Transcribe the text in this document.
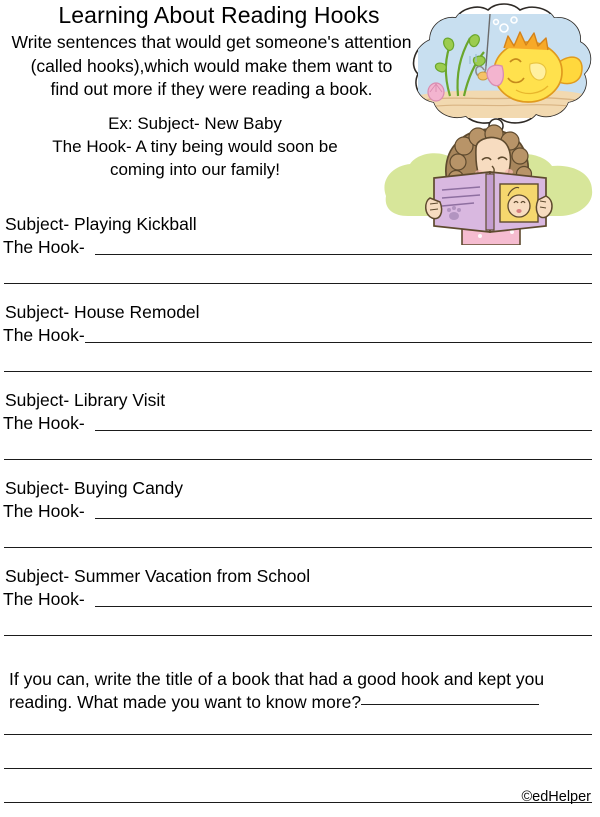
Learning About Reading Hooks
Write sentences that would get someone's attention
(called hooks),which would make them want to
find out more if they were reading a book.
Ex: Subject- New Baby
The Hook- A tiny being would soon be
coming into our family!
Subject- Playing Kickball
The Hook-
Subject- House Remodel
The Hook-
Subject- Library Visit
The Hook-
Subject- Buying Candy
The Hook-
Subject- Summer Vacation from School
The Hook-
If you can, write the title of a book that had a good hook and kept you
reading. What made you want to know more?
©edHelper
